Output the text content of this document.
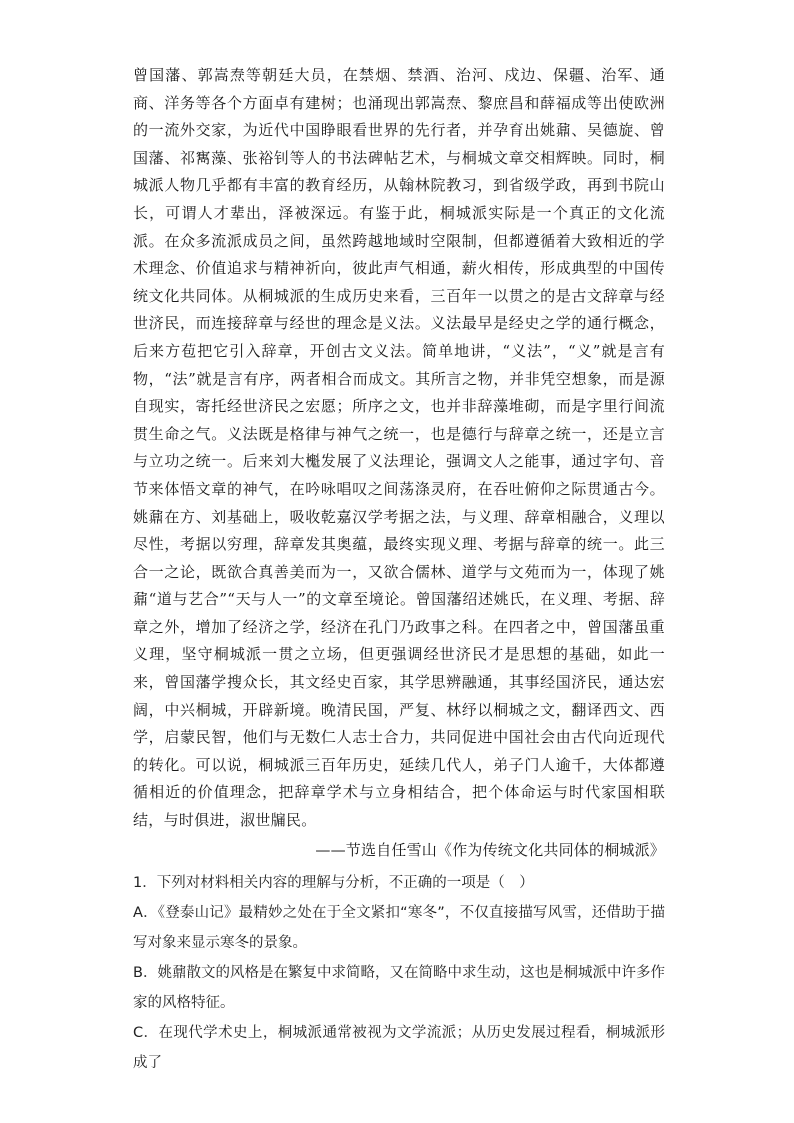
曾国藩、郭嵩焘等朝廷大员，在禁烟、禁酒、治河、戍边、保疆、治军、通商、洋务等各个方面卓有建树；也涌现出郭嵩焘、黎庶昌和薛福成等出使欧洲的一流外交家，为近代中国睁眼看世界的先行者，并孕育出姚鼐、吴德旋、曾国藩、祁寯藻、张裕钊等人的书法碑帖艺术，与桐城文章交相辉映。同时，桐城派人物几乎都有丰富的教育经历，从翰林院教习，到省级学政，再到书院山长，可谓人才辈出，泽被深远。有鉴于此，桐城派实际是一个真正的文化流派。在众多流派成员之间，虽然跨越地域时空限制，但都遵循着大致相近的学术理念、价值追求与精神祈向，彼此声气相通，薪火相传，形成典型的中国传统文化共同体。从桐城派的生成历史来看，三百年一以贯之的是古文辞章与经世济民，而连接辞章与经世的理念是义法。义法最早是经史之学的通行概念，后来方苞把它引入辞章，开创古文义法。简单地讲，“义法”，“义”就是言有物，“法”就是言有序，两者相合而成文。其所言之物，并非凭空想象，而是源自现实，寄托经世济民之宏愿；所序之文，也并非辞藻堆砌，而是字里行间流贯生命之气。义法既是格律与神气之统一，也是德行与辞章之统一，还是立言与立功之统一。后来刘大櫆发展了义法理论，强调文人之能事，通过字句、音节来体悟文章的神气，在吟咏唱叹之间荡涤灵府，在吞吐俯仰之际贯通古今。姚鼐在方、刘基础上，吸收乾嘉汉学考据之法，与义理、辞章相融合，义理以尽性，考据以穷理，辞章发其奥蕴，最终实现义理、考据与辞章的统一。此三合一之论，既欲合真善美而为一，又欲合儒林、道学与文苑而为一，体现了姚鼐“道与艺合”“天与人一”的文章至境论。曾国藩绍述姚氏，在义理、考据、辞章之外，增加了经济之学，经济在孔门乃政事之科。在四者之中，曾国藩虽重义理，坚守桐城派一贯之立场，但更强调经世济民才是思想的基础，如此一来，曾国藩学搜众长，其文经史百家，其学思辨融通，其事经国济民，通达宏阔，中兴桐城，开辟新境。晚清民国，严复、林纾以桐城之文，翻译西文、西学，启蒙民智，他们与无数仁人志士合力，共同促进中国社会由古代向近现代的转化。可以说，桐城派三百年历史，延续几代人，弟子门人逾千，大体都遵循相近的价值理念，把辞章学术与立身相结合，把个体命运与时代家国相联结，与时俱进，淑世牖民。

——节选自任雪山《作为传统文化共同体的桐城派》

1．下列对材料相关内容的理解与分析，不正确的一项是（　）

A．《登泰山记》最精妙之处在于全文紧扣“寒冬”，不仅直接描写风雪，还借助于描写对象来显示寒冬的景象。

B．姚鼐散文的风格是在繁复中求简略，又在简略中求生动，这也是桐城派中许多作家的风格特征。

C．在现代学术史上，桐城派通常被视为文学流派；从历史发展过程看，桐城派形成了
